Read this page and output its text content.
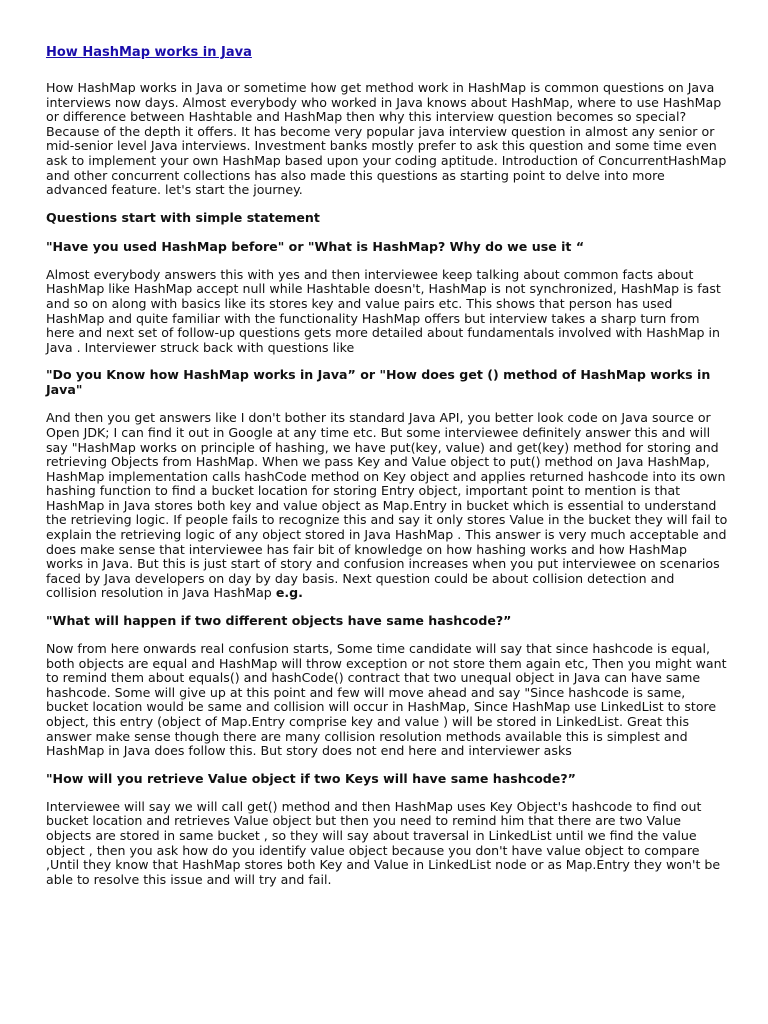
How HashMap works in Java

How HashMap works in Java or sometime how get method work in HashMap is common questions on Java interviews now days. Almost everybody who worked in Java knows about HashMap, where to use HashMap or difference between Hashtable and HashMap then why this interview question becomes so special? Because of the depth it offers. It has become very popular java interview question in almost any senior or mid-senior level Java interviews. Investment banks mostly prefer to ask this question and some time even ask to implement your own HashMap based upon your coding aptitude. Introduction of ConcurrentHashMap and other concurrent collections has also made this questions as starting point to delve into more advanced feature. let's start the journey.

Questions start with simple statement
"Have you used HashMap before" or "What is HashMap? Why do we use it “

Almost everybody answers this with yes and then interviewee keep talking about common facts about HashMap like HashMap accept null while Hashtable doesn't, HashMap is not synchronized, HashMap is fast and so on along with basics like its stores key and value pairs etc. This shows that person has used HashMap and quite familiar with the functionality HashMap offers but interview takes a sharp turn from here and next set of follow-up questions gets more detailed about fundamentals involved with HashMap in Java . Interviewer struck back with questions like

"Do you Know how HashMap works in Java” or "How does get () method of HashMap works in Java"

And then you get answers like I don't bother its standard Java API, you better look code on Java source or Open JDK; I can find it out in Google at any time etc. But some interviewee definitely answer this and will say "HashMap works on principle of hashing, we have put(key, value) and get(key) method for storing and retrieving Objects from HashMap. When we pass Key and Value object to put() method on Java HashMap, HashMap implementation calls hashCode method on Key object and applies returned hashcode into its own hashing function to find a bucket location for storing Entry object, important point to mention is that HashMap in Java stores both key and value object as Map.Entry in bucket which is essential to understand the retrieving logic. If people fails to recognize this and say it only stores Value in the bucket they will fail to explain the retrieving logic of any object stored in Java HashMap . This answer is very much acceptable and does make sense that interviewee has fair bit of knowledge on how hashing works and how HashMap works in Java. But this is just start of story and confusion increases when you put interviewee on scenarios faced by Java developers on day by day basis. Next question could be about collision detection and collision resolution in Java HashMap e.g.

"What will happen if two different objects have same hashcode?”

Now from here onwards real confusion starts, Some time candidate will say that since hashcode is equal, both objects are equal and HashMap will throw exception or not store them again etc, Then you might want to remind them about equals() and hashCode() contract that two unequal object in Java can have same hashcode. Some will give up at this point and few will move ahead and say "Since hashcode is same, bucket location would be same and collision will occur in HashMap, Since HashMap use LinkedList to store object, this entry (object of Map.Entry comprise key and value ) will be stored in LinkedList. Great this answer make sense though there are many collision resolution methods available this is simplest and HashMap in Java does follow this. But story does not end here and interviewer asks

"How will you retrieve Value object if two Keys will have same hashcode?”

Interviewee will say we will call get() method and then HashMap uses Key Object's hashcode to find out bucket location and retrieves Value object but then you need to remind him that there are two Value objects are stored in same bucket , so they will say about traversal in LinkedList until we find the value object , then you ask how do you identify value object because you don't have value object to compare ,Until they know that HashMap stores both Key and Value in LinkedList node or as Map.Entry they won't be able to resolve this issue and will try and fail.
